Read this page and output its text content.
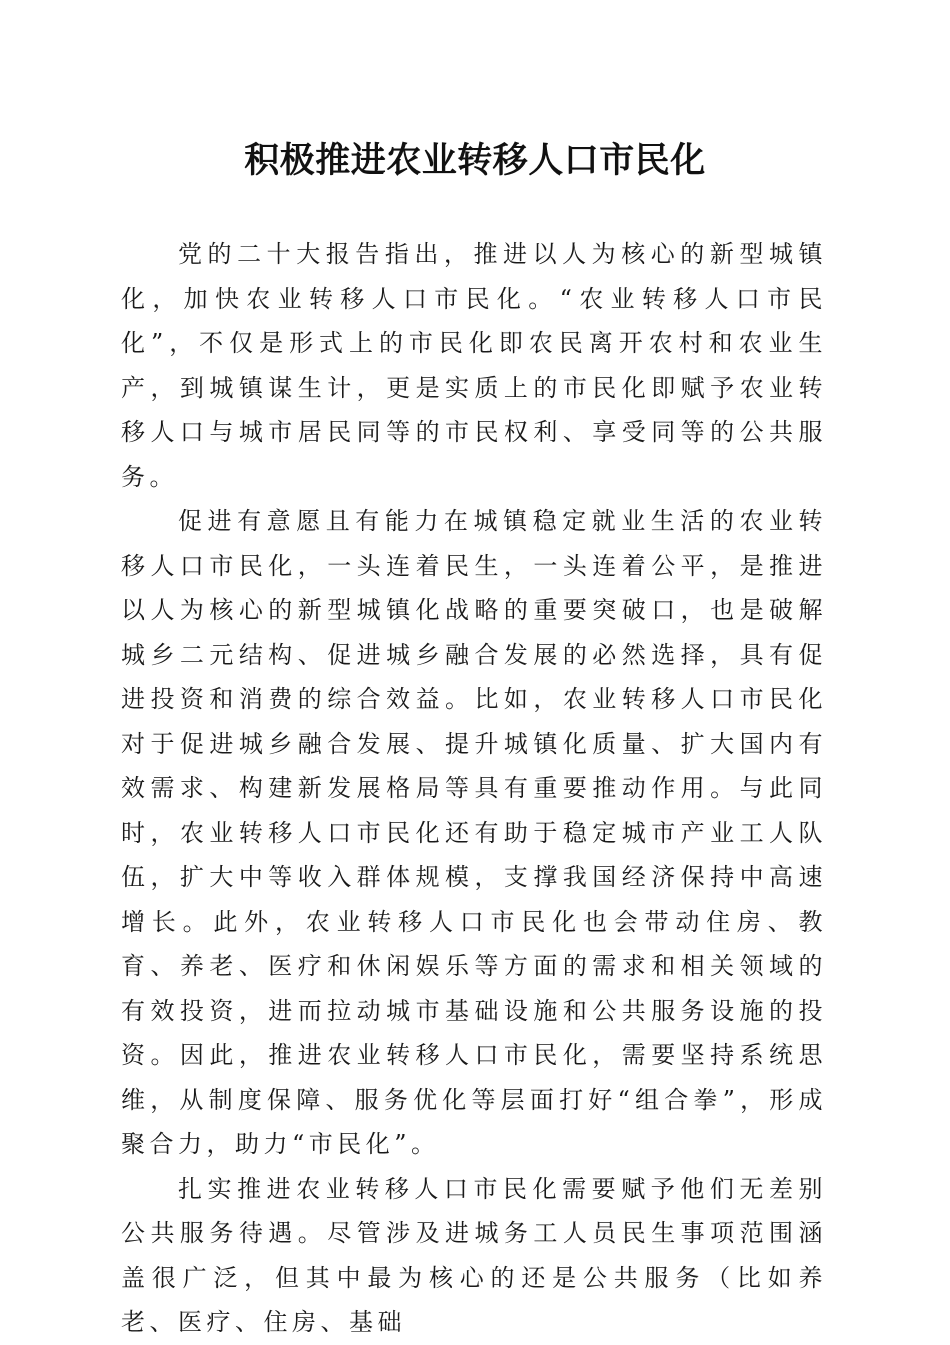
积极推进农业转移人口市民化

党的二十大报告指出，推进以人为核心的新型城镇化，加快农业转移人口市民化。“农业转移人口市民化”，不仅是形式上的市民化即农民离开农村和农业生产，到城镇谋生计，更是实质上的市民化即赋予农业转移人口与城市居民同等的市民权利、享受同等的公共服务。

促进有意愿且有能力在城镇稳定就业生活的农业转移人口市民化，一头连着民生，一头连着公平，是推进以人为核心的新型城镇化战略的重要突破口，也是破解城乡二元结构、促进城乡融合发展的必然选择，具有促进投资和消费的综合效益。比如，农业转移人口市民化对于促进城乡融合发展、提升城镇化质量、扩大国内有效需求、构建新发展格局等具有重要推动作用。与此同时，农业转移人口市民化还有助于稳定城市产业工人队伍，扩大中等收入群体规模，支撑我国经济保持中高速增长。此外，农业转移人口市民化也会带动住房、教育、养老、医疗和休闲娱乐等方面的需求和相关领域的有效投资，进而拉动城市基础设施和公共服务设施的投资。因此，推进农业转移人口市民化，需要坚持系统思维，从制度保障、服务优化等层面打好“组合拳”，形成聚合力，助力“市民化”。

扎实推进农业转移人口市民化需要赋予他们无差别公共服务待遇。尽管涉及进城务工人员民生事项范围涵盖很广泛，但其中最为核心的还是公共服务（比如养老、医疗、住房、基础
